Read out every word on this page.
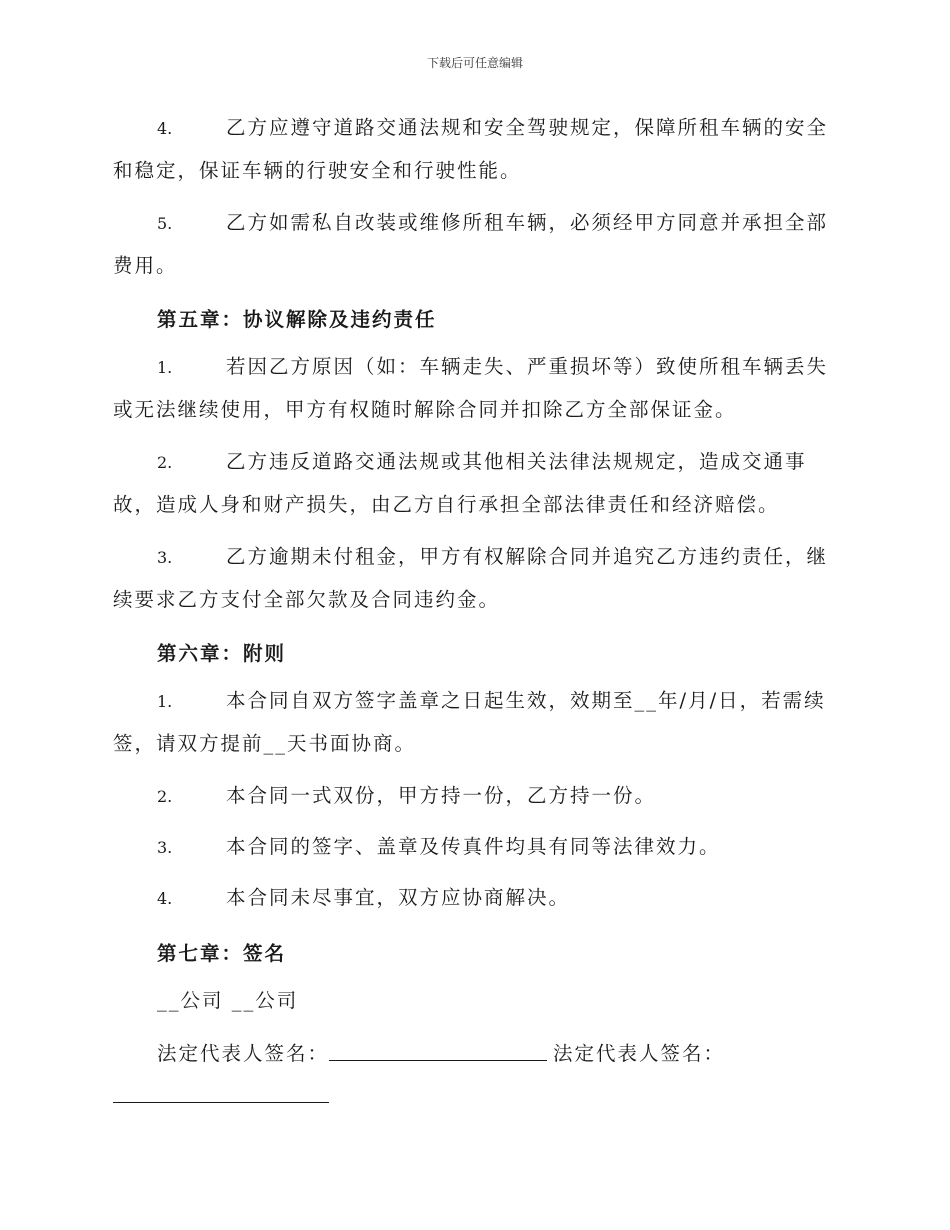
下载后可任意编辑
4.	乙方应遵守道路交通法规和安全驾驶规定，保障所租车辆的安全
和稳定，保证车辆的行驶安全和行驶性能。
5.	乙方如需私自改装或维修所租车辆，必须经甲方同意并承担全部
费用。
第五章：协议解除及违约责任
1.	若因乙方原因（如：车辆走失、严重损坏等）致使所租车辆丢失
或无法继续使用，甲方有权随时解除合同并扣除乙方全部保证金。
2.	乙方违反道路交通法规或其他相关法律法规规定，造成交通事
故，造成人身和财产损失，由乙方自行承担全部法律责任和经济赔偿。
3.	乙方逾期未付租金，甲方有权解除合同并追究乙方违约责任，继
续要求乙方支付全部欠款及合同违约金。
第六章：附则
1.	本合同自双方签字盖章之日起生效，效期至__年/月/日，若需续
签，请双方提前__天书面协商。
2.	本合同一式双份，甲方持一份，乙方持一份。
3.	本合同的签字、盖章及传真件均具有同等法律效力。
4.	本合同未尽事宜，双方应协商解决。
第七章：签名
__公司 __公司
法定代表人签名：	法定代表人签名：
